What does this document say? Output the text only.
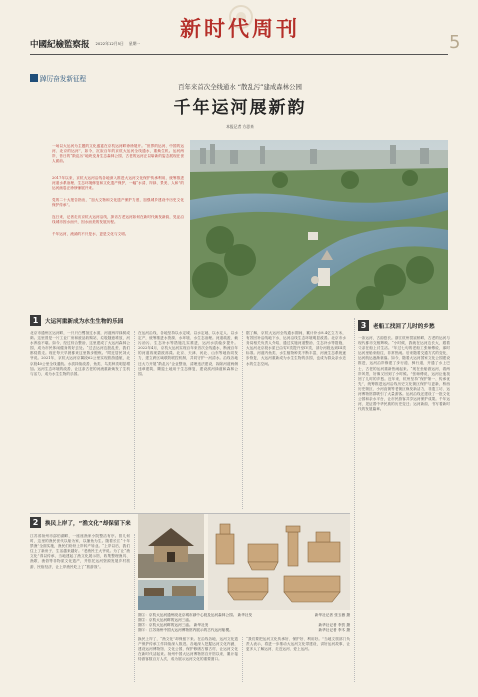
新时代周刊
5
中國紀檢監察报 2022年12月5日 星期一
踔厉奋发新征程
百年来首次全线通水 “散乱污”建成森林公园
千年运河展新韵
本报记者 方思来
一场以大运河为主题的文化盛宴在京杭运河畔徐徐展开。“世界的运河、中国的运河、北京的运河”，如今，沉寂百年的京杭大运河全线通水，重焕生机。运河两岸，昔日的“散乱污”地块变身生态森林公园，古老的运河正以崭新的姿态展现在世人面前。
2017年以来，京杭大运河沿线各地深入推进大运河文化保护传承利用，统筹推进河道水系治理、生态环境修复和文化遗产保护，一幅“水清、岸绿、景美、人和”的运河画卷正徐徐铺展开来。
党的二十大报告指出，“加大文物和文化遗产保护力度，加强城乡建设中历史文化保护传承”。
连日来，记者走访京杭大运河沿线，探访古老运河如何在新时代焕发新韵，见证沿线城市因水而兴、因水而美的发展历程。
千年运河，流淌的不只是水，更是文化与文明。
1	大运河重新成为水生生物的乐园
北京市通州区运河畔，一只只白鹭掠过水面，河道两岸绿树成荫。这里曾是一片工业厂房和废品收购站，垃圾随意堆放，河水浑浊不堪。如今，经过综合整治，这里建成了大运河森林公园，成为市民休闲健身的好去处。“过去运河边脏乱差，我们都绕着走。现在每天早晨都来这里散步锻炼。”附近居民刘大爷说。2021年，京杭大运河京冀段62公里实现旅游通航，北京段40公里全线通航。水质持续改善，鱼类、鸟类种类明显增加。运河生态环境的改善，让这条古老的河流重新焕发了生机与活力，成为水生生物的乐园。
在运河沿线，各地坚持以水定城、以水定地、以水定人、以水定产，统筹推进水资源、水环境、水生态治理。河道疏浚、截污治污、生态补水等措施扎实推进，运河水质稳步提升。2022年4月，京杭大运河实现百年来首次全线通水，断流百年的河道再现碧波荡漾。北京、天津、河北、山东等地协同发力，建立跨区域联防联控机制，共同守护一河清水。沿线各地还大力开展“散乱污”企业整治，清理违法建设，拆除河道两侧违章建筑，腾退土地用于生态修复，建设滨河绿道和森林公园。
据了解，京杭大运河全线通水期间，累计补水8.4亿立方米，有效回补沿线地下水，运河沿线生态环境明显改善。北京市水务局相关负责人介绍，通过实施河道整治、生态补水等措施，大运河北京段水质已由劣V类提升至IV类，部分河段达到III类标准。河道内鱼类、水生植物种类不断丰富，河流生态系统逐步恢复，大运河重新成为水生生物的乐园，也成为群众亲水近水的生态空间。
3	老船工找回了儿时的乡愁
一条运河，古韵悠长。浙江杭州拱宸桥畔，古老的运河与现代都市交相辉映。“小时候，我就在运河边长大，跟着父亲在船上讨生活。”年过七旬的老船工张师傅说，那时运河里船来船往，非常热闹。后来随着交通方式的变化，运河航运逐渐衰落。如今，随着大运河国家文化公园建设推进，运河沿岸修建了步行道、骑行道，开通了水上巴士，古老的运河重新热闹起来。“现在坐船游运河，看两岸风景，好像又回到了小时候。”张师傅说，运河让他找回了儿时的乡愁。近年来，杭州坚持“保护第一、传承优先”，统筹推进运河沿线历史文化街区保护与更新，桥西历史街区、小河直街等老街区焕发新活力，非遗工坊、运河博物馆群吸引了大量游客。运河沿线还建设了一批文化公园和亲水平台，让市民游客共享运河保护成果。千年运河，见证着中华民族的历史变迁；运河新韵，书写着新时代的发展篇章。
2	换民上岸了，“渔文化”却保留下来
江苏省扬州市邵伯湖畔，一座座渔家小院整洁有序。曾几何时，这里的渔民世代以船为家，以捕鱼为生。随着长江“十年禁渔”全面实施，渔民们纷纷上岸转产转业。“上岸以后，我们住上了新房子，生活越来越好。”老渔民王大爷说。为了让“渔文化”得以传承，当地建起了渔文化展示馆，收集整理渔具、渔歌、渔俗等非物质文化遗产，并依托运河资源发展乡村旅游、民宿经济，让上岸渔民吃上了“旅游饭”。
图①：京杭大运河通州段北京城市副中心段及运河森林公园。 新华社发	新华社记者 张玉薇 摄
图②：京杭大运河畔的运河三庙。
图③：京杭大运河畔的运河三庙。 新华社发	新华社记者 李贺 摄
图④：江苏扬州中国大运河博物馆内展示的古代运河船模。	新华社记者 李木 摄
换民上岸了，“渔文化”却保留下来。在沿线各地，运河文化遗产保护传承工作持续深入推进。各地深入挖掘运河文化内涵，建设运河博物馆、文化公园，保护修缮古镇古村，让运河文化在新时代活起来。扬州中国大运河博物馆自开馆以来，累计接待游客数百万人次，成为展示运河文化的重要窗口。
“我们要把运河文化传承好、保护好、利用好。”当地文旅部门负责人表示，将进一步推动大运河文化带建设，讲好运河故事，让更多人了解运河、走近运河、爱上运河。
